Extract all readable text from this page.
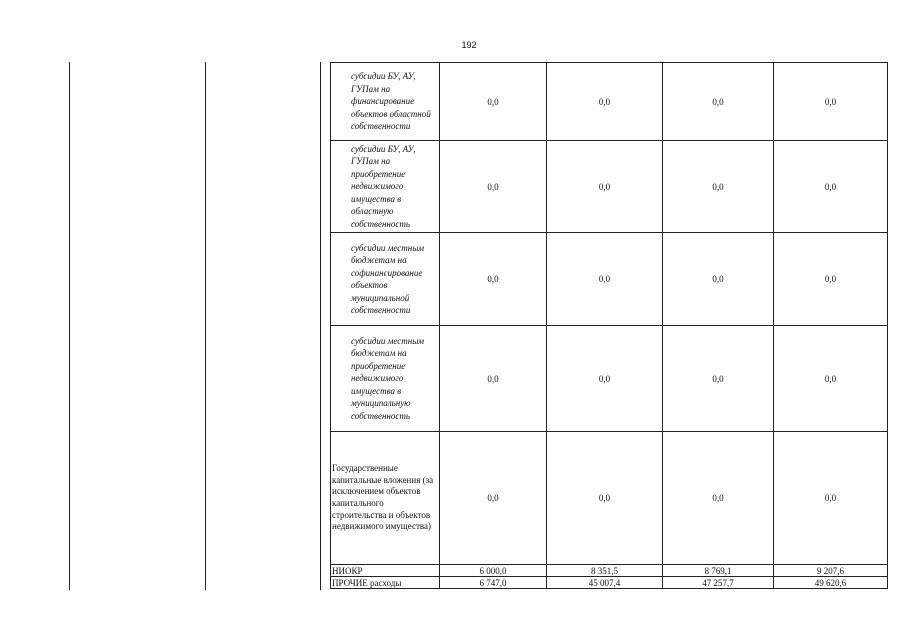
192
субсидии БУ, АУ, ГУПам на финансирование объектов областной собственности	0,0	0,0	0,0	0,0
субсидии БУ, АУ, ГУПам на приобретение недвижимого имущества в областную собственность	0,0	0,0	0,0	0,0
субсидии местным бюджетам на софинансирование объектов муниципальной собственности	0,0	0,0	0,0	0,0
субсидии местным бюджетам на приобретение недвижимого имущества в муниципальную собственность	0,0	0,0	0,0	0,0
Государственные капитальные вложения (за исключением объектов капитального строительства и объектов недвижимого имущества)	0,0	0,0	0,0	0,0
НИОКР	6 000,0	8 351,5	8 769,1	9 207,6
ПРОЧИЕ расходы	6 747,0	45 007,4	47 257,7	49 620,6
